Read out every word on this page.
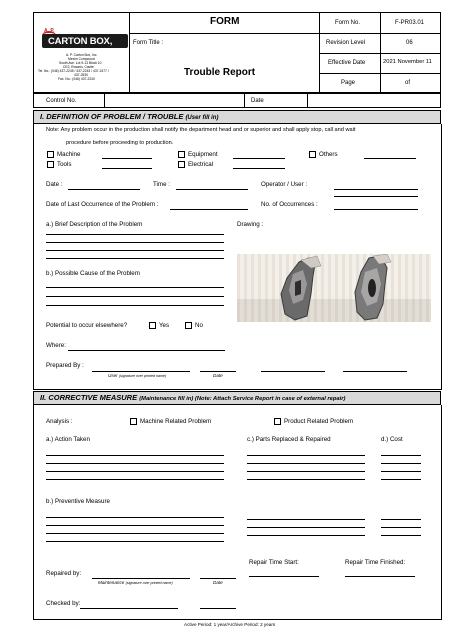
FORM
Form Title :
Trouble Report
Form No.	F-PR03.01
Revision Level	06
Effective Date	2021 November 11
Page	of
A. P.
CARTON BOX, INC. A. P. Carton Box, Inc.
Mexim Compound
South Ave. Lot 9-13 Block 10
CE2, Rosario, Cavite
Tel. No.: (046) 437-2245 / 437-2243 / 437-2477 /
437-2530
Fax. No.: (046) 437-2240
Control No.	Date
I. DEFINITION OF PROBLEM / TROUBLE (User fill in)
Note: Any problem occur in the production shall notify the department head and or superior and shall apply stop, call and wait
procedure before proceeding to production.
Machine	Equipment	Others
Tools	Electrical
Date :	Time :	Operator / User :
Date of Last Occurrence of the Problem :	No. of Occurrences :
a.) Brief Description of the Problem	Drawing :
b.) Possible Cause of the Problem
Potential to occur elsewhere?	Yes	No
Where:
Prepared By :
User (signature over printed name)	Date
II. CORRECTIVE MEASURE (Maintenance fill in) (Note: Attach Service Report in case of external repair)
Analysis :	Machine Related Problem	Product Related Problem
a.) Action Taken	c.) Parts Replaced & Repaired	d.) Cost
b.) Preventive Measure
Repair Time Start:	Repair Time Finished:
Repaired by:
Maintenance (signature over printed name)	Date
Checked by:
Active Period: 1 year/Archive Period: 2 years
